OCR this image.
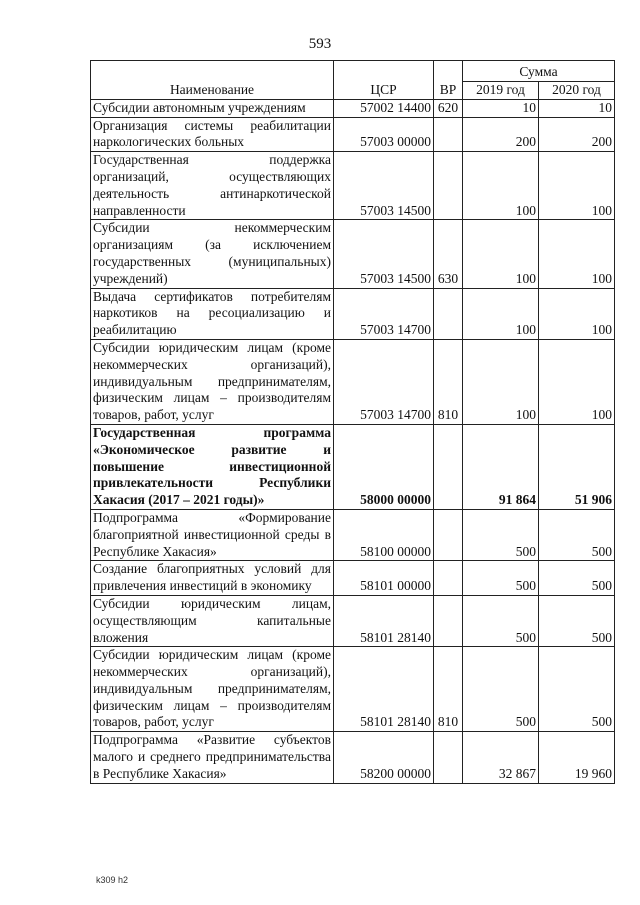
593
Наименование	ЦСР	ВР	Сумма	
			2019 год	2020 год
Субсидии автономным учреждениям	57002 14400	620	10	10
Организация системы реабилитации наркологических больных	57003 00000		200	200
Государственная поддержка организаций, осуществляющих деятельность антинаркотической направленности	57003 14500		100	100
Субсидии некоммерческим организациям (за исключением государственных (муниципальных) учреждений)	57003 14500	630	100	100
Выдача сертификатов потребителям наркотиков на ресоциализацию и реабилитацию	57003 14700		100	100
Субсидии юридическим лицам (кроме некоммерческих организаций), индивидуальным предпринимателям, физическим лицам – производителям товаров, работ, услуг	57003 14700	810	100	100
Государственная программа «Экономическое развитие и повышение инвестиционной привлекательности Республики Хакасия (2017 – 2021 годы)»	58000 00000		91 864	51 906
Подпрограмма «Формирование благоприятной инвестиционной среды в Республике Хакасия»	58100 00000		500	500
Создание благоприятных условий для привлечения инвестиций в экономику	58101 00000		500	500
Субсидии юридическим лицам, осуществляющим капитальные вложения	58101 28140		500	500
Субсидии юридическим лицам (кроме некоммерческих организаций), индивидуальным предпринимателям, физическим лицам – производителям товаров, работ, услуг	58101 28140	810	500	500
Подпрограмма «Развитие субъектов малого и среднего предпринимательства в Республике Хакасия»	58200 00000		32 867	19 960
k309 h2
